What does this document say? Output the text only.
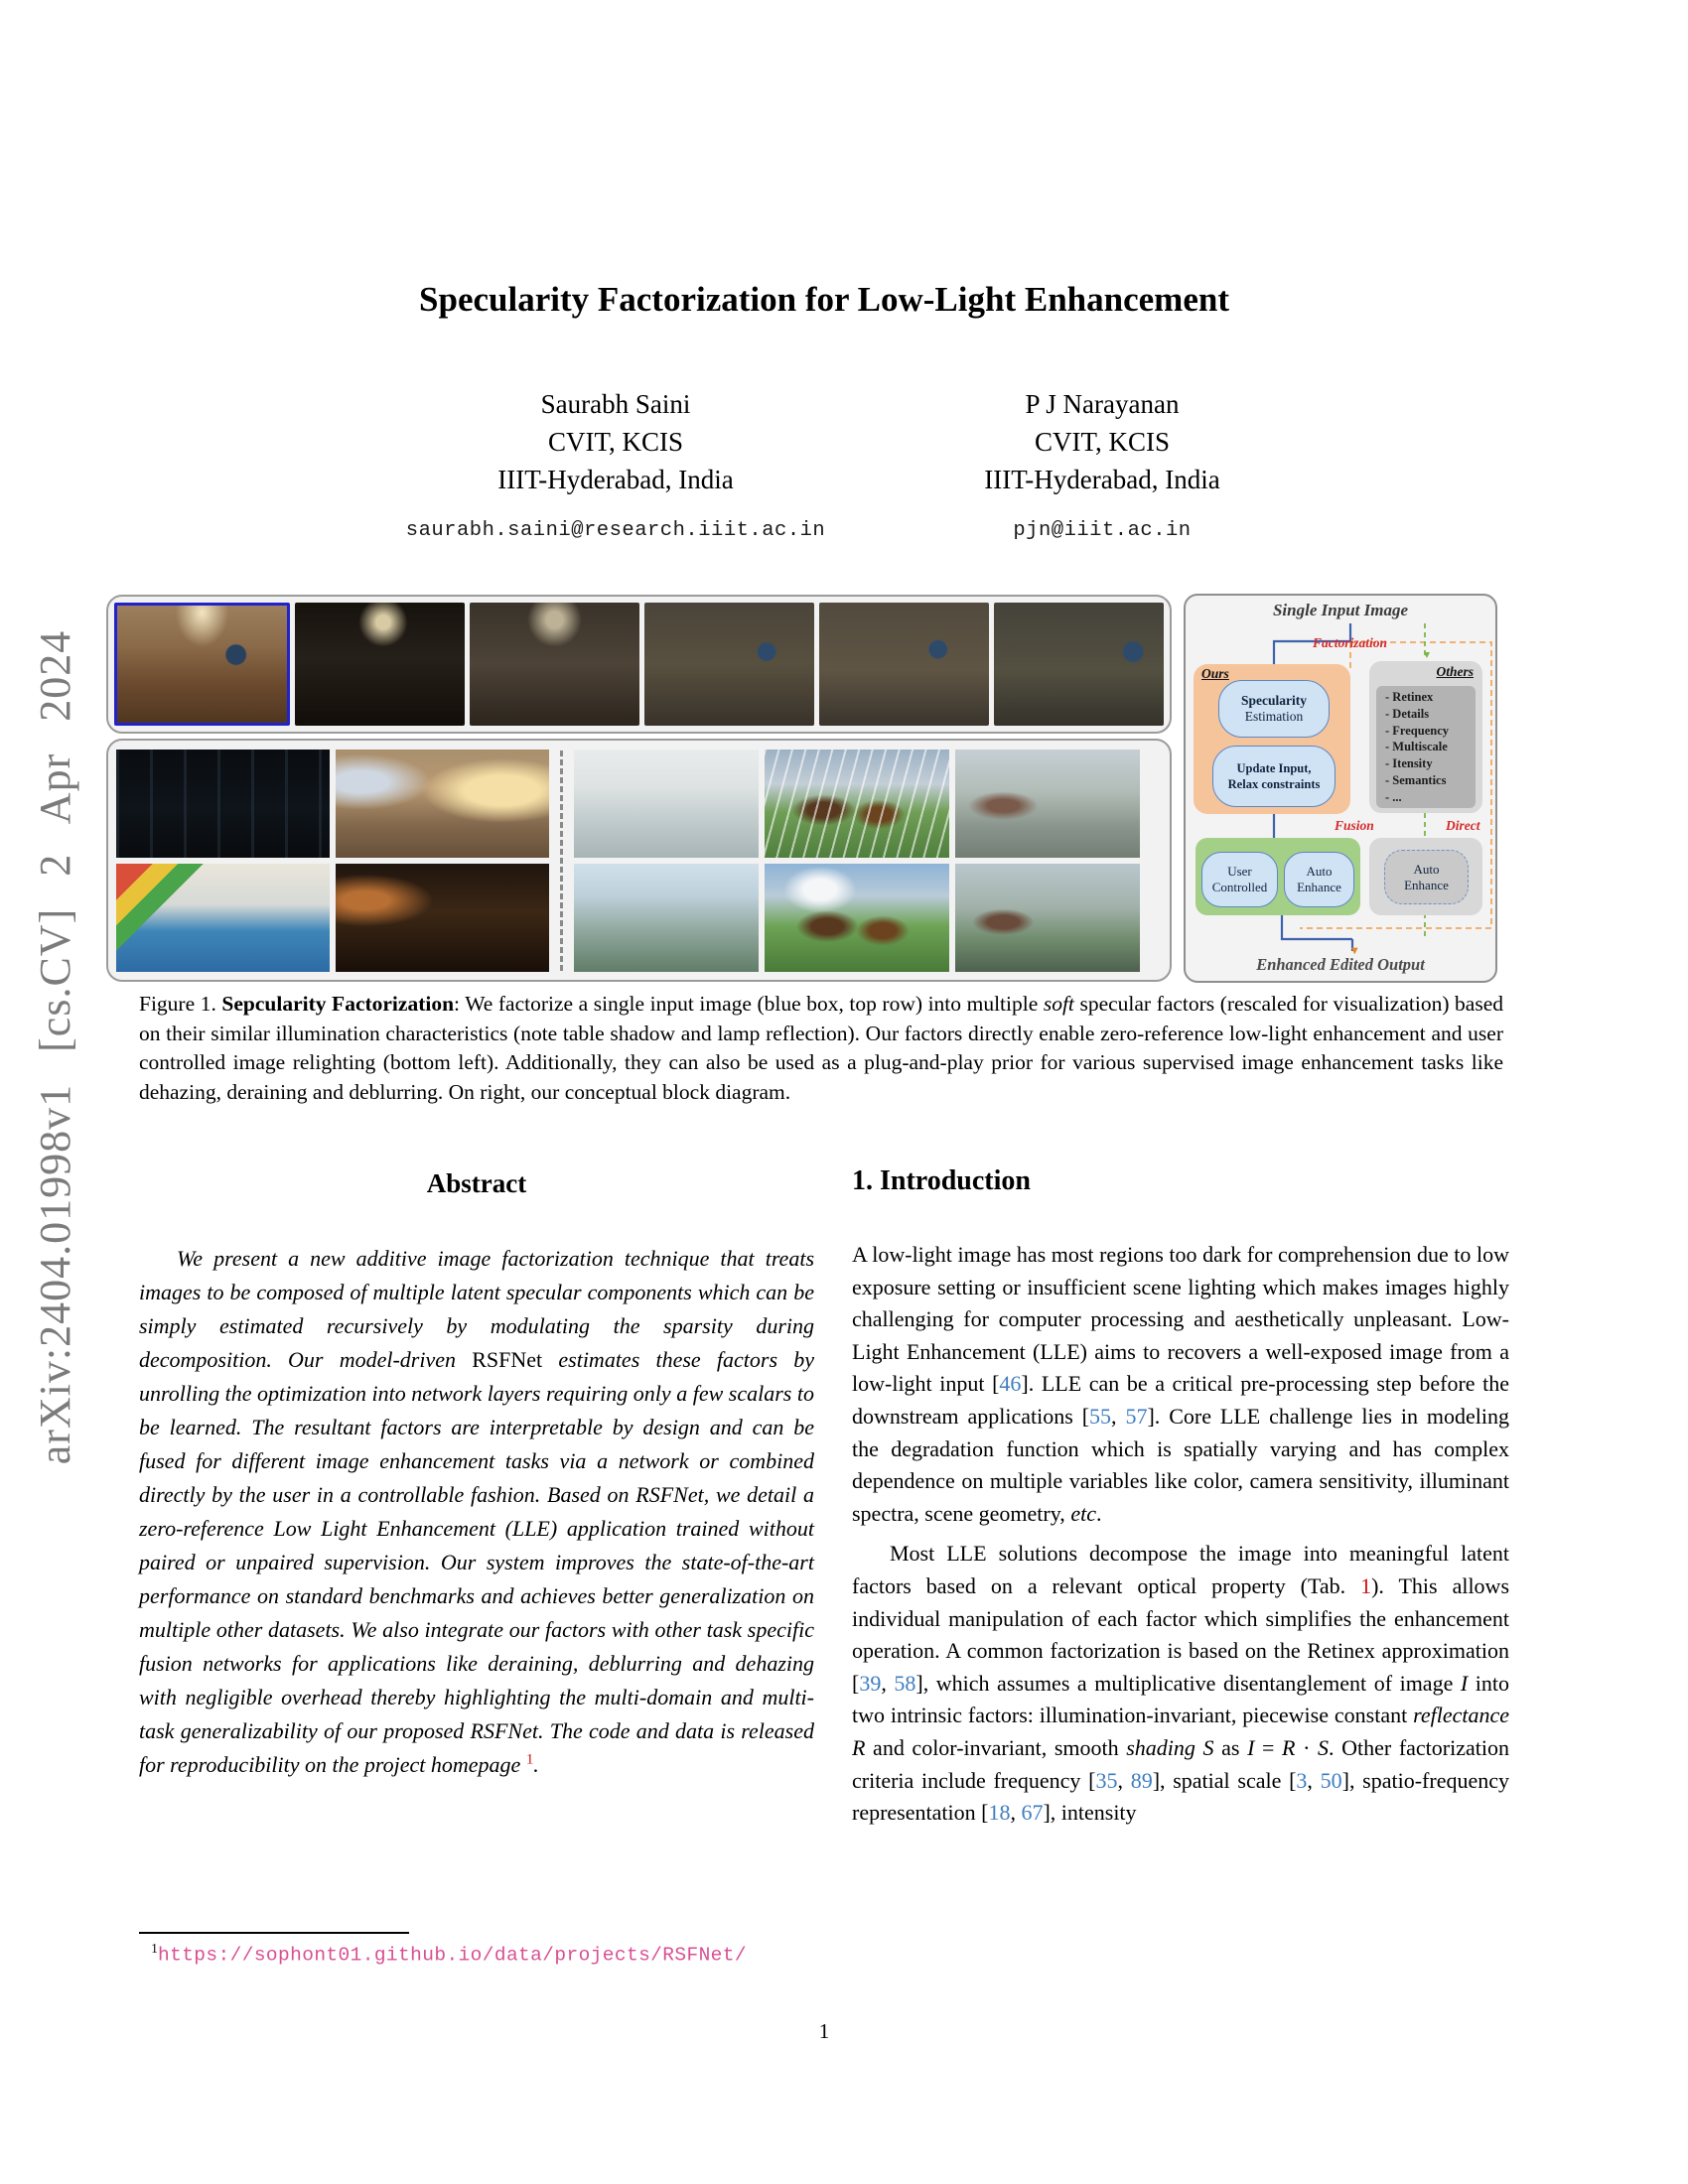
arXiv:2404.01998v1 [cs.CV] 2 Apr 2024
Specularity Factorization for Low-Light Enhancement
Saurabh Saini
CVIT, KCIS
IIIT-Hyderabad, India
saurabh.saini@research.iiit.ac.in
P J Narayanan
CVIT, KCIS
IIIT-Hyderabad, India
pjn@iiit.ac.in
Single Input Image
Factorization
Ours
Specularity
Estimation
Update Input,
Relax constraints
Others
- Retinex
- Details
- Frequency
- Multiscale
- Itensity
- Semantics
- ...
Fusion	Direct
User
Controlled
Auto
Enhance
Auto
Enhance
Enhanced Edited Output
Figure 1. Sepcularity Factorization: We factorize a single input image (blue box, top row) into multiple soft specular factors (rescaled for visualization) based on their similar illumination characteristics (note table shadow and lamp reflection). Our factors directly enable zero-reference low-light enhancement and user controlled image relighting (bottom left). Additionally, they can also be used as a plug-and-play prior for various supervised image enhancement tasks like dehazing, deraining and deblurring. On right, our conceptual block diagram.
Abstract
We present a new additive image factorization technique that treats images to be composed of multiple latent specular components which can be simply estimated recursively by modulating the sparsity during decomposition. Our model-driven RSFNet estimates these factors by unrolling the optimization into network layers requiring only a few scalars to be learned. The resultant factors are interpretable by design and can be fused for different image enhancement tasks via a network or combined directly by the user in a controllable fashion. Based on RSFNet, we detail a zero-reference Low Light Enhancement (LLE) application trained without paired or unpaired supervision. Our system improves the state-of-the-art performance on standard benchmarks and achieves better generalization on multiple other datasets. We also integrate our factors with other task specific fusion networks for applications like deraining, deblurring and dehazing with negligible overhead thereby highlighting the multi-domain and multi-task generalizability of our proposed RSFNet. The code and data is released for reproducibility on the project homepage $^1$.
1. Introduction

A low-light image has most regions too dark for comprehension due to low exposure setting or insufficient scene lighting which makes images highly challenging for computer processing and aesthetically unpleasant. Low-Light Enhancement (LLE) aims to recovers a well-exposed image from a low-light input [46]. LLE can be a critical pre-processing step before the downstream applications [55, 57]. Core LLE challenge lies in modeling the degradation function which is spatially varying and has complex dependence on multiple variables like color, camera sensitivity, illuminant spectra, scene geometry, etc.

Most LLE solutions decompose the image into meaningful latent factors based on a relevant optical property (Tab. 1). This allows individual manipulation of each factor which simplifies the enhancement operation. A common factorization is based on the Retinex approximation [39, 58], which assumes a multiplicative disentanglement of image I into two intrinsic factors: illumination-invariant, piecewise constant reflectance R and color-invariant, smooth shading S as I = R · S. Other factorization criteria include frequency [35, 89], spatial scale [3, 50], spatio-frequency representation [18, 67], intensity

$^1$https://sophont01.github.io/data/projects/RSFNet/
1
